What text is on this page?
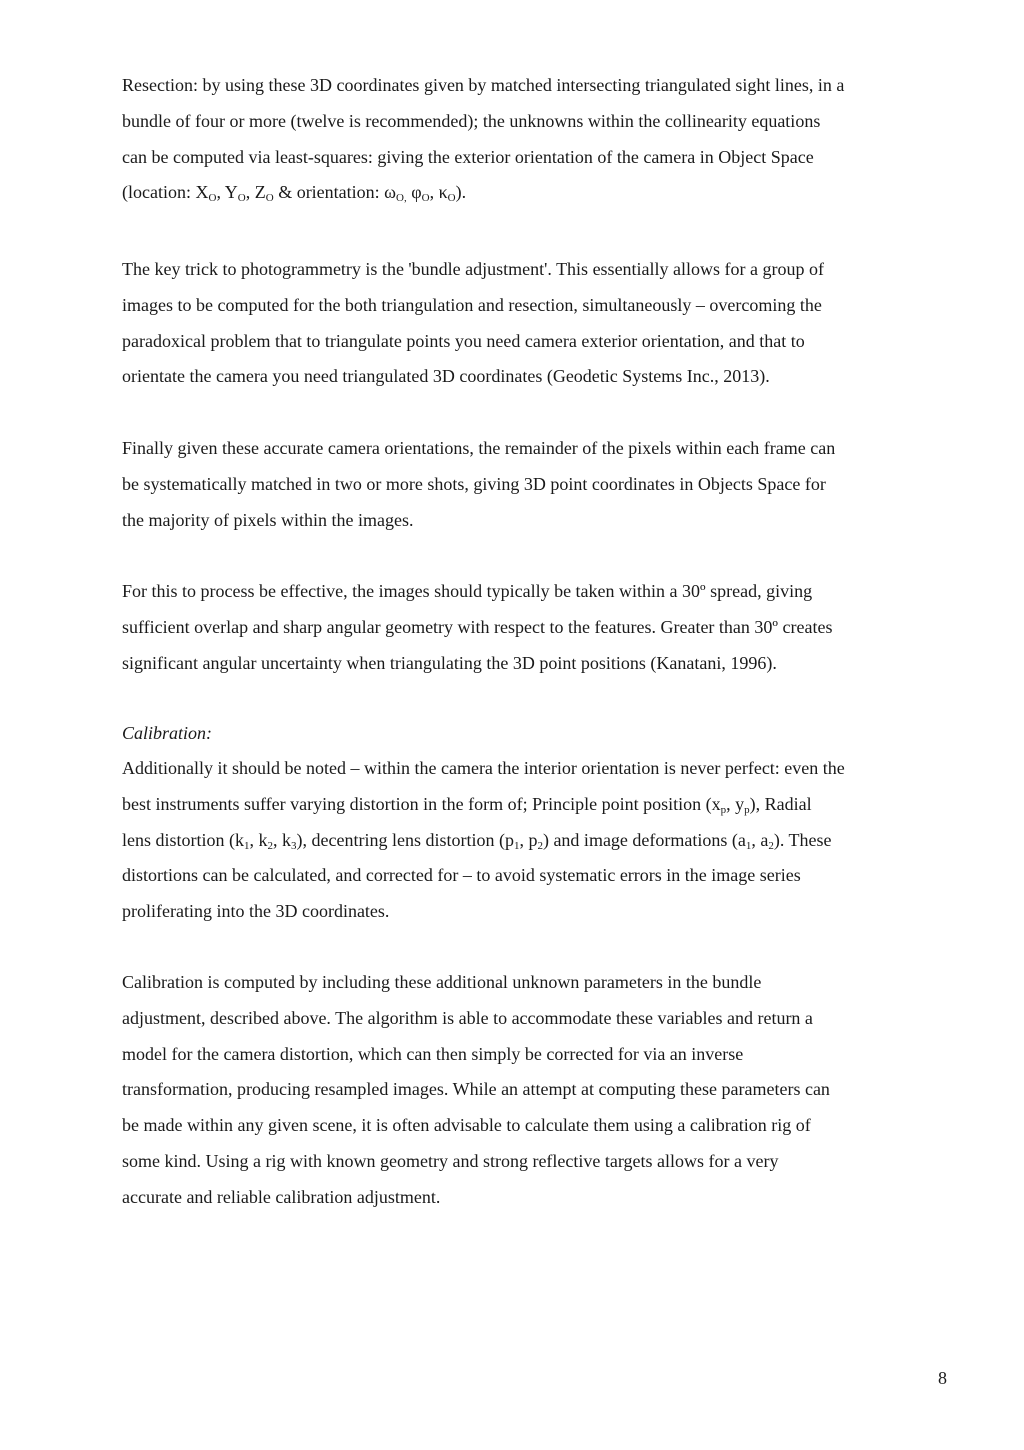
Resection: by using these 3D coordinates given by matched intersecting triangulated sight lines, in a
bundle of four or more (twelve is recommended); the unknowns within the collinearity equations
can be computed via least-squares: giving the exterior orientation of the camera in Object Space
(location: $X_O$, $Y_O$, $Z_O$ & orientation: $\omega_{O,}$ $\varphi_O$, $\kappa_O$).
The key trick to photogrammetry is the 'bundle adjustment'. This essentially allows for a group of
images to be computed for the both triangulation and resection, simultaneously – overcoming the
paradoxical problem that to triangulate points you need camera exterior orientation, and that to
orientate the camera you need triangulated 3D coordinates (Geodetic Systems Inc., 2013).
Finally given these accurate camera orientations, the remainder of the pixels within each frame can
be systematically matched in two or more shots, giving 3D point coordinates in Objects Space for
the majority of pixels within the images.
For this to process be effective, the images should typically be taken within a 30º spread, giving
sufficient overlap and sharp angular geometry with respect to the features. Greater than 30º creates
significant angular uncertainty when triangulating the 3D point positions (Kanatani, 1996).
Calibration:
Additionally it should be noted – within the camera the interior orientation is never perfect: even the
best instruments suffer varying distortion in the form of; Principle point position ($x_p$, $y_p$), Radial
lens distortion ($k_1$, $k_2$, $k_3$), decentring lens distortion ($p_1$, $p_2$) and image deformations ($a_1$, $a_2$). These
distortions can be calculated, and corrected for – to avoid systematic errors in the image series
proliferating into the 3D coordinates.
Calibration is computed by including these additional unknown parameters in the bundle
adjustment, described above. The algorithm is able to accommodate these variables and return a
model for the camera distortion, which can then simply be corrected for via an inverse
transformation, producing resampled images. While an attempt at computing these parameters can
be made within any given scene, it is often advisable to calculate them using a calibration rig of
some kind. Using a rig with known geometry and strong reflective targets allows for a very
accurate and reliable calibration adjustment.
8
